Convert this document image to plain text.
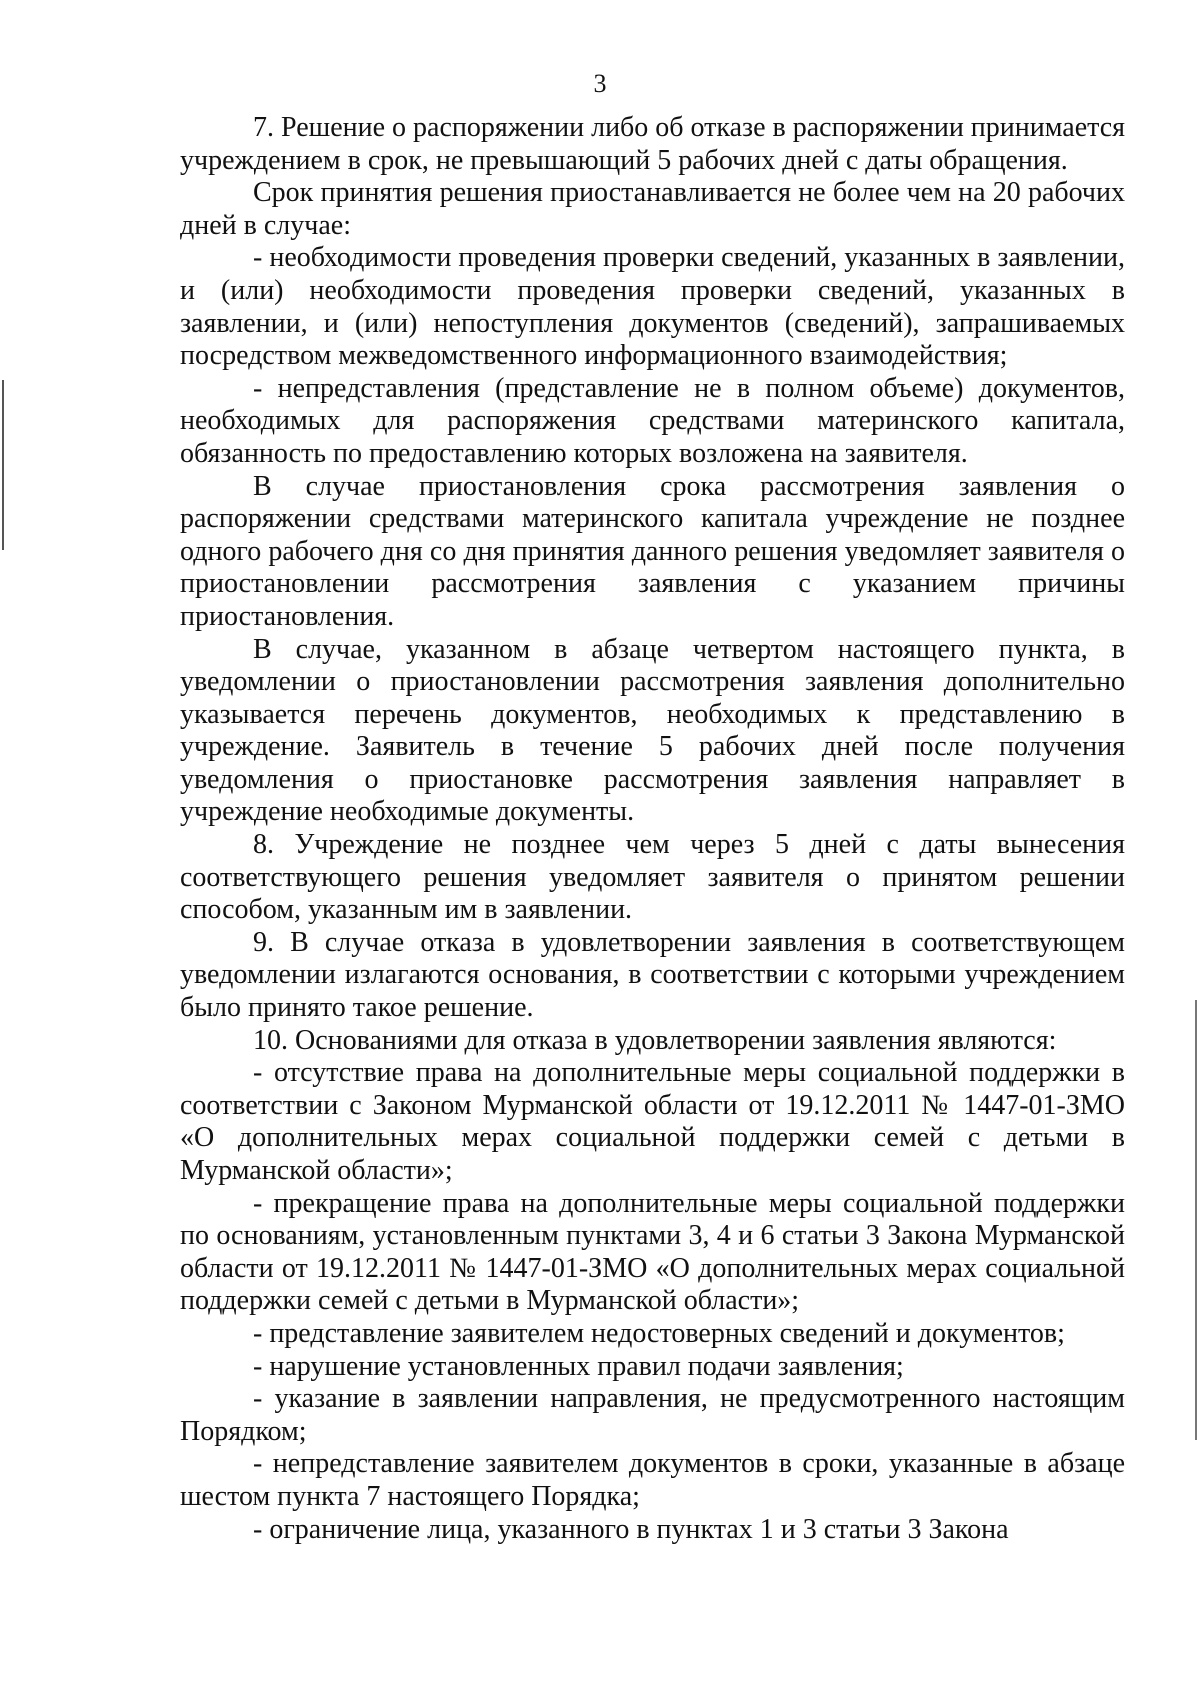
3

7. Решение о распоряжении либо об отказе в распоряжении принимается учреждением в срок, не превышающий 5 рабочих дней с даты обращения.

Срок принятия решения приостанавливается не более чем на 20 рабочих дней в случае:

- необходимости проведения проверки сведений, указанных в заявлении, и (или) необходимости проведения проверки сведений, указанных в заявлении, и (или) непоступления документов (сведений), запрашиваемых посредством межведомственного информационного взаимодействия;

- непредставления (представление не в полном объеме) документов, необходимых для распоряжения средствами материнского капитала, обязанность по предоставлению которых возложена на заявителя.

В случае приостановления срока рассмотрения заявления о распоряжении средствами материнского капитала учреждение не позднее одного рабочего дня со дня принятия данного решения уведомляет заявителя о приостановлении рассмотрения заявления с указанием причины приостановления.

В случае, указанном в абзаце четвертом настоящего пункта, в уведомлении о приостановлении рассмотрения заявления дополнительно указывается перечень документов, необходимых к представлению в учреждение. Заявитель в течение 5 рабочих дней после получения уведомления о приостановке рассмотрения заявления направляет в учреждение необходимые документы.

8. Учреждение не позднее чем через 5 дней с даты вынесения соответствующего решения уведомляет заявителя о принятом решении способом, указанным им в заявлении.

9. В случае отказа в удовлетворении заявления в соответствующем уведомлении излагаются основания, в соответствии с которыми учреждением было принято такое решение.

10. Основаниями для отказа в удовлетворении заявления являются:

- отсутствие права на дополнительные меры социальной поддержки в соответствии с Законом Мурманской области от 19.12.2011 № 1447-01-ЗМО «О дополнительных мерах социальной поддержки семей с детьми в Мурманской области»;

- прекращение права на дополнительные меры социальной поддержки по основаниям, установленным пунктами 3, 4 и 6 статьи 3 Закона Мурманской области от 19.12.2011 № 1447-01-ЗМО «О дополнительных мерах социальной поддержки семей с детьми в Мурманской области»;

- представление заявителем недостоверных сведений и документов;

- нарушение установленных правил подачи заявления;

- указание в заявлении направления, не предусмотренного настоящим Порядком;

- непредставление заявителем документов в сроки, указанные в абзаце шестом пункта 7 настоящего Порядка;

- ограничение лица, указанного в пунктах 1 и 3 статьи 3 Закона
